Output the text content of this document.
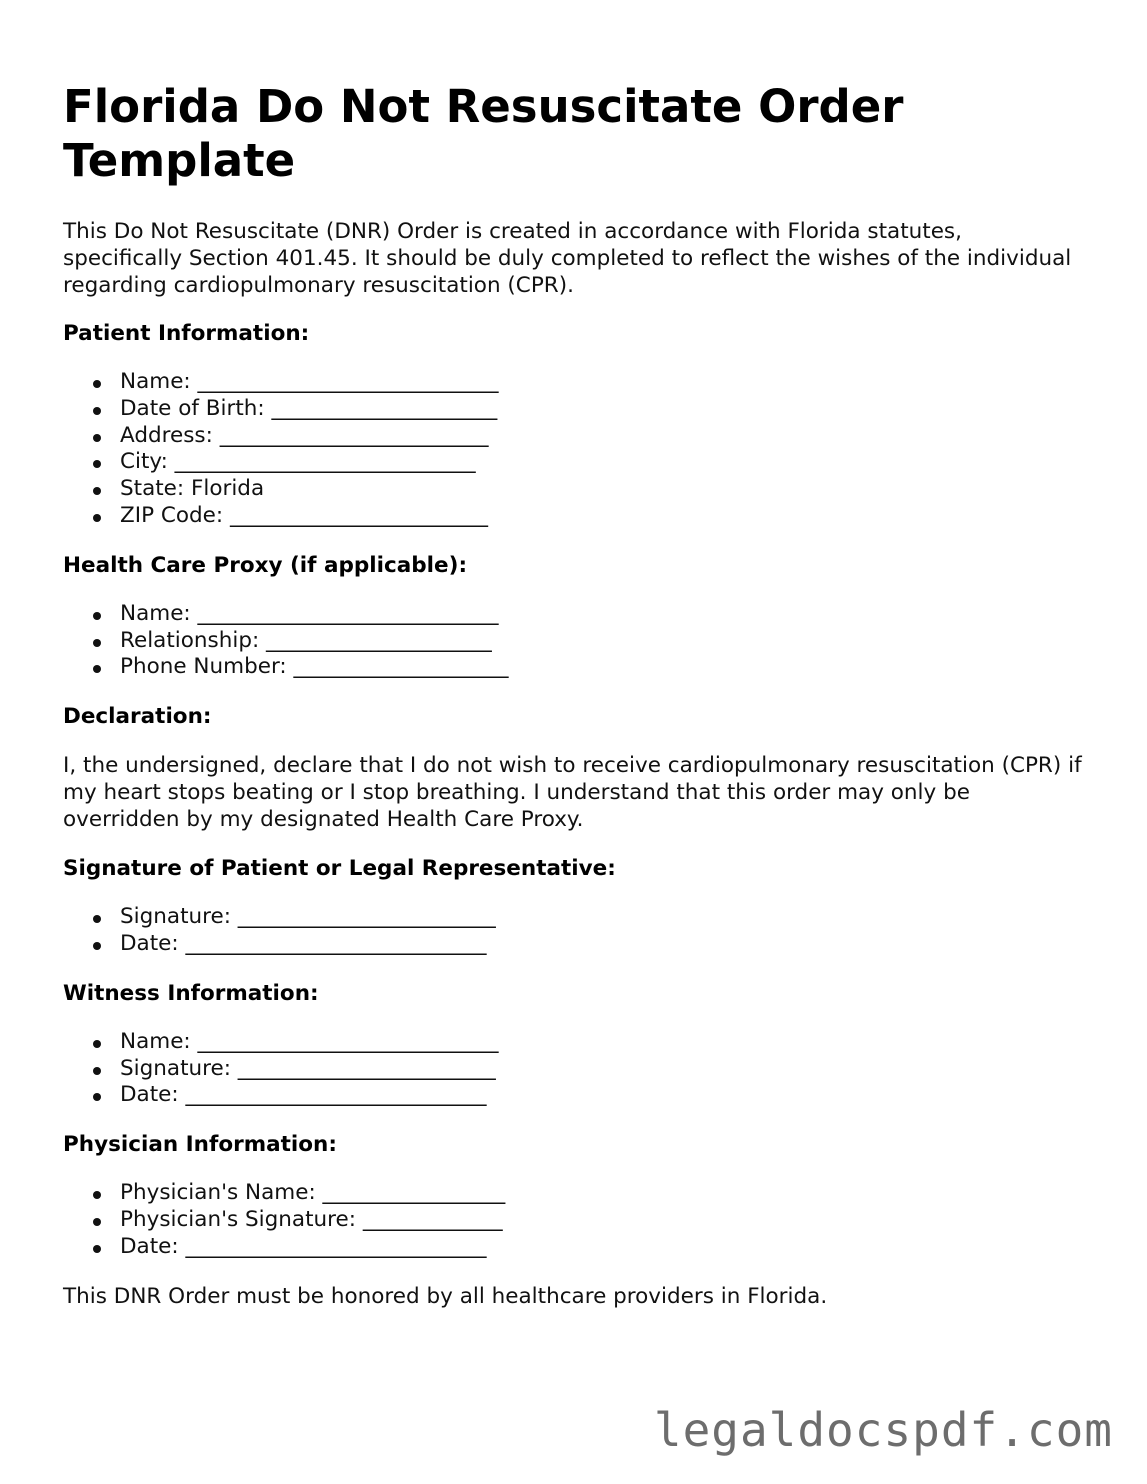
Florida Do Not Resuscitate Order Template

This Do Not Resuscitate (DNR) Order is created in accordance with Florida statutes, specifically Section 401.45. It should be duly completed to reflect the wishes of the individual regarding cardiopulmonary resuscitation (CPR).

Patient Information:
Name: ____________________________
Date of Birth: _____________________
Address: _________________________
City: ____________________________
State: Florida
ZIP Code: ________________________
Health Care Proxy (if applicable):
Name: ____________________________
Relationship: _____________________
Phone Number: ____________________
Declaration:

I, the undersigned, declare that I do not wish to receive cardiopulmonary resuscitation (CPR) if my heart stops beating or I stop breathing. I understand that this order may only be overridden by my designated Health Care Proxy.

Signature of Patient or Legal Representative:
Signature: ________________________
Date: ____________________________
Witness Information:
Name: ____________________________
Signature: ________________________
Date: ____________________________
Physician Information:
Physician's Name: _________________
Physician's Signature: _____________
Date: ____________________________

This DNR Order must be honored by all healthcare providers in Florida.

legaldocspdf.com
